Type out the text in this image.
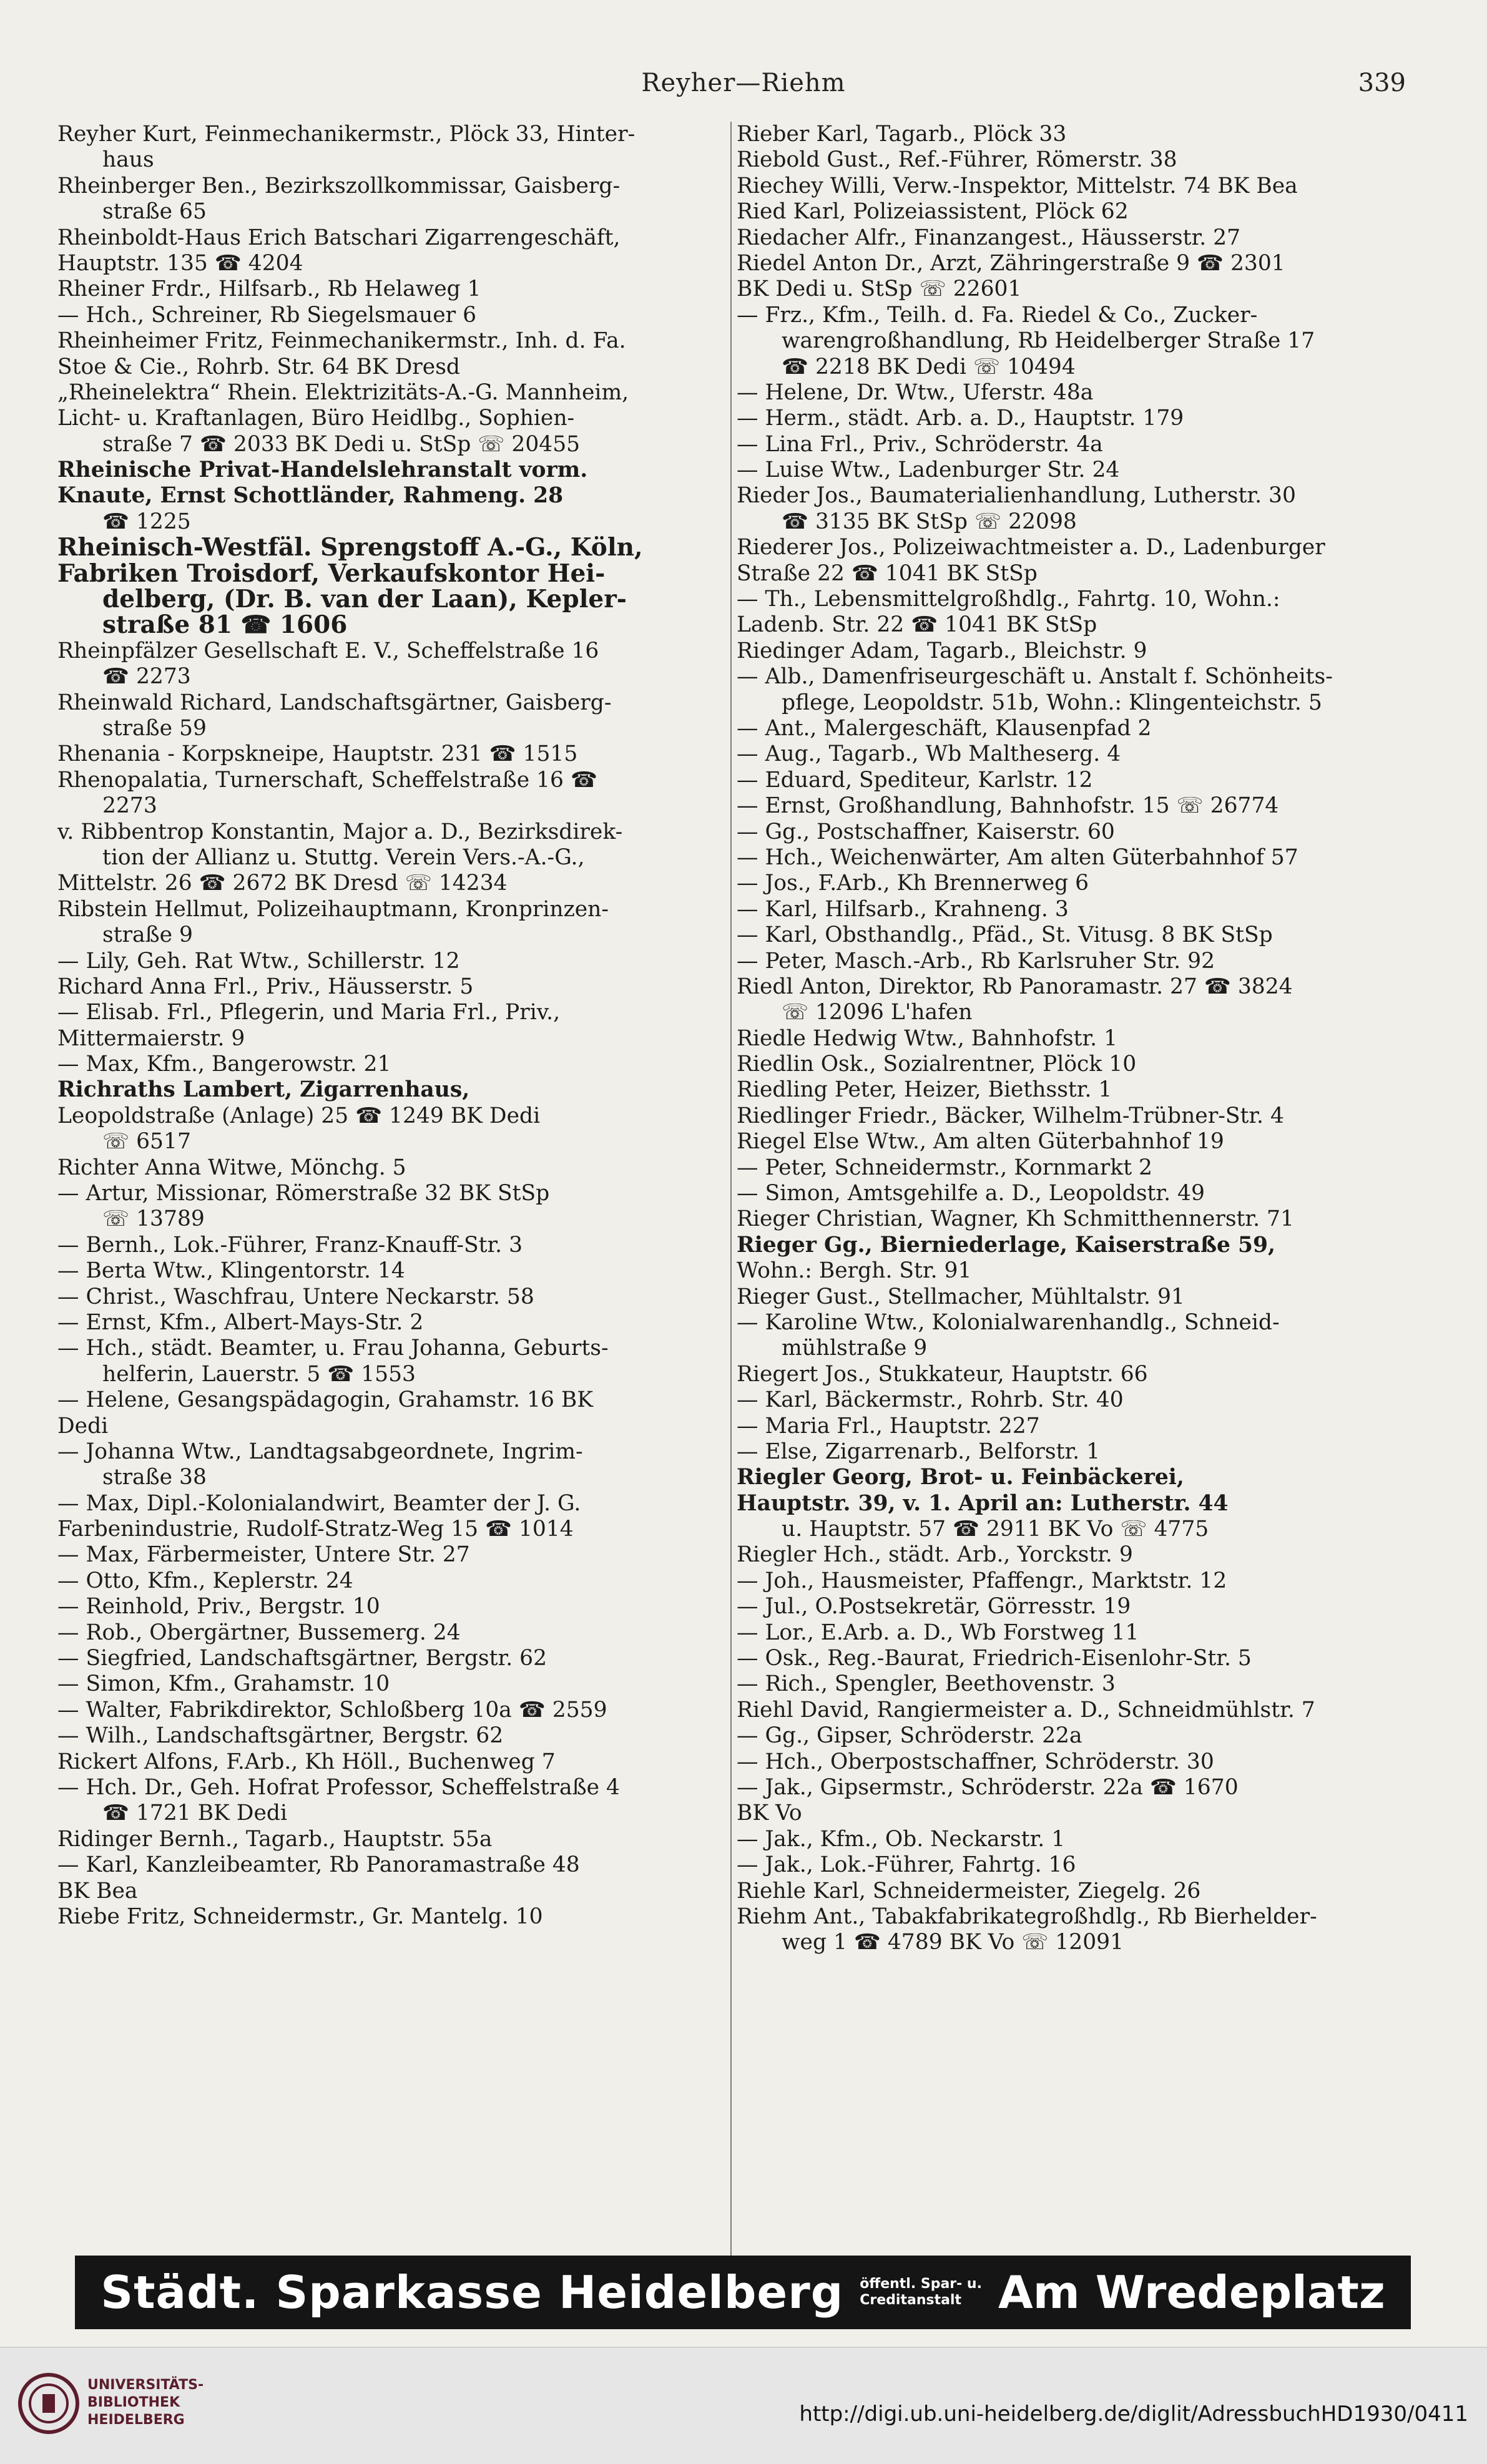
Reyher—Riehm	339
Reyher Kurt, Feinmechanikermstr., Plöck 33, Hinter-
haus
Rheinberger Ben., Bezirkszollkommissar, Gaisberg-
straße 65
Rheinboldt-Haus Erich Batschari Zigarrengeschäft,
Hauptstr. 135 ☎ 4204
Rheiner Frdr., Hilfsarb., Rb Helaweg 1
— Hch., Schreiner, Rb Siegelsmauer 6
Rheinheimer Fritz, Feinmechanikermstr., Inh. d. Fa.
Stoe & Cie., Rohrb. Str. 64 BK Dresd
„Rheinelektra“ Rhein. Elektrizitäts-A.-G. Mannheim,
Licht- u. Kraftanlagen, Büro Heidlbg., Sophien-
straße 7 ☎ 2033 BK Dedi u. StSp ☏ 20455
Rheinische Privat-Handelslehranstalt vorm.
Knaute, Ernst Schottländer, Rahmeng. 28
☎ 1225
Rheinisch-Westfäl. Sprengstoff A.-G., Köln,
Fabriken Troisdorf, Verkaufskontor Hei-
delberg, (Dr. B. van der Laan), Kepler-
straße 81 ☎ 1606
Rheinpfälzer Gesellschaft E. V., Scheffelstraße 16
☎ 2273
Rheinwald Richard, Landschaftsgärtner, Gaisberg-
straße 59
Rhenania - Korpskneipe, Hauptstr. 231 ☎ 1515
Rhenopalatia, Turnerschaft, Scheffelstraße 16 ☎
2273
v. Ribbentrop Konstantin, Major a. D., Bezirksdirek-
tion der Allianz u. Stuttg. Verein Vers.-A.-G.,
Mittelstr. 26 ☎ 2672 BK Dresd ☏ 14234
Ribstein Hellmut, Polizeihauptmann, Kronprinzen-
straße 9
— Lily, Geh. Rat Wtw., Schillerstr. 12
Richard Anna Frl., Priv., Häusserstr. 5
— Elisab. Frl., Pflegerin, und Maria Frl., Priv.,
Mittermaierstr. 9
— Max, Kfm., Bangerowstr. 21
Richraths Lambert, Zigarrenhaus,
Leopoldstraße (Anlage) 25 ☎ 1249 BK Dedi
☏ 6517
Richter Anna Witwe, Mönchg. 5
— Artur, Missionar, Römerstraße 32 BK StSp
☏ 13789
— Bernh., Lok.-Führer, Franz-Knauff-Str. 3
— Berta Wtw., Klingentorstr. 14
— Christ., Waschfrau, Untere Neckarstr. 58
— Ernst, Kfm., Albert-Mays-Str. 2
— Hch., städt. Beamter, u. Frau Johanna, Geburts-
helferin, Lauerstr. 5 ☎ 1553
— Helene, Gesangspädagogin, Grahamstr. 16 BK
Dedi
— Johanna Wtw., Landtagsabgeordnete, Ingrim-
straße 38
— Max, Dipl.-Kolonialandwirt, Beamter der J. G.
Farbenindustrie, Rudolf-Stratz-Weg 15 ☎ 1014
— Max, Färbermeister, Untere Str. 27
— Otto, Kfm., Keplerstr. 24
— Reinhold, Priv., Bergstr. 10
— Rob., Obergärtner, Bussemerg. 24
— Siegfried, Landschaftsgärtner, Bergstr. 62
— Simon, Kfm., Grahamstr. 10
— Walter, Fabrikdirektor, Schloßberg 10a ☎ 2559
— Wilh., Landschaftsgärtner, Bergstr. 62
Rickert Alfons, F.Arb., Kh Höll., Buchenweg 7
— Hch. Dr., Geh. Hofrat Professor, Scheffelstraße 4
☎ 1721 BK Dedi
Ridinger Bernh., Tagarb., Hauptstr. 55a
— Karl, Kanzleibeamter, Rb Panoramastraße 48
BK Bea
Riebe Fritz, Schneidermstr., Gr. Mantelg. 10
Rieber Karl, Tagarb., Plöck 33
Riebold Gust., Ref.-Führer, Römerstr. 38
Riechey Willi, Verw.-Inspektor, Mittelstr. 74 BK Bea
Ried Karl, Polizeiassistent, Plöck 62
Riedacher Alfr., Finanzangest., Häusserstr. 27
Riedel Anton Dr., Arzt, Zähringerstraße 9 ☎ 2301
BK Dedi u. StSp ☏ 22601
— Frz., Kfm., Teilh. d. Fa. Riedel & Co., Zucker-
warengroßhandlung, Rb Heidelberger Straße 17
☎ 2218 BK Dedi ☏ 10494
— Helene, Dr. Wtw., Uferstr. 48a
— Herm., städt. Arb. a. D., Hauptstr. 179
— Lina Frl., Priv., Schröderstr. 4a
— Luise Wtw., Ladenburger Str. 24
Rieder Jos., Baumaterialienhandlung, Lutherstr. 30
☎ 3135 BK StSp ☏ 22098
Riederer Jos., Polizeiwachtmeister a. D., Ladenburger
Straße 22 ☎ 1041 BK StSp
— Th., Lebensmittelgroßhdlg., Fahrtg. 10, Wohn.:
Ladenb. Str. 22 ☎ 1041 BK StSp
Riedinger Adam, Tagarb., Bleichstr. 9
— Alb., Damenfriseurgeschäft u. Anstalt f. Schönheits-
pflege, Leopoldstr. 51b, Wohn.: Klingenteichstr. 5
— Ant., Malergeschäft, Klausenpfad 2
— Aug., Tagarb., Wb Maltheserg. 4
— Eduard, Spediteur, Karlstr. 12
— Ernst, Großhandlung, Bahnhofstr. 15 ☏ 26774
— Gg., Postschaffner, Kaiserstr. 60
— Hch., Weichenwärter, Am alten Güterbahnhof 57
— Jos., F.Arb., Kh Brennerweg 6
— Karl, Hilfsarb., Krahneng. 3
— Karl, Obsthandlg., Pfäd., St. Vitusg. 8 BK StSp
— Peter, Masch.-Arb., Rb Karlsruher Str. 92
Riedl Anton, Direktor, Rb Panoramastr. 27 ☎ 3824
☏ 12096 L'hafen
Riedle Hedwig Wtw., Bahnhofstr. 1
Riedlin Osk., Sozialrentner, Plöck 10
Riedling Peter, Heizer, Biethsstr. 1
Riedlinger Friedr., Bäcker, Wilhelm-Trübner-Str. 4
Riegel Else Wtw., Am alten Güterbahnhof 19
— Peter, Schneidermstr., Kornmarkt 2
— Simon, Amtsgehilfe a. D., Leopoldstr. 49
Rieger Christian, Wagner, Kh Schmitthennerstr. 71
Rieger Gg., Bierniederlage, Kaiserstraße 59,
Wohn.: Bergh. Str. 91
Rieger Gust., Stellmacher, Mühltalstr. 91
— Karoline Wtw., Kolonialwarenhandlg., Schneid-
mühlstraße 9
Riegert Jos., Stukkateur, Hauptstr. 66
— Karl, Bäckermstr., Rohrb. Str. 40
— Maria Frl., Hauptstr. 227
— Else, Zigarrenarb., Belforstr. 1
Riegler Georg, Brot- u. Feinbäckerei,
Hauptstr. 39, v. 1. April an: Lutherstr. 44
u. Hauptstr. 57 ☎ 2911 BK Vo ☏ 4775
Riegler Hch., städt. Arb., Yorckstr. 9
— Joh., Hausmeister, Pfaffengr., Marktstr. 12
— Jul., O.Postsekretär, Görresstr. 19
— Lor., E.Arb. a. D., Wb Forstweg 11
— Osk., Reg.-Baurat, Friedrich-Eisenlohr-Str. 5
— Rich., Spengler, Beethovenstr. 3
Riehl David, Rangiermeister a. D., Schneidmühlstr. 7
— Gg., Gipser, Schröderstr. 22a
— Hch., Oberpostschaffner, Schröderstr. 30
— Jak., Gipsermstr., Schröderstr. 22a ☎ 1670
BK Vo
— Jak., Kfm., Ob. Neckarstr. 1
— Jak., Lok.-Führer, Fahrtg. 16
Riehle Karl, Schneidermeister, Ziegelg. 26
Riehm Ant., Tabakfabrikategroßhdlg., Rb Bierhelder-
weg 1 ☎ 4789 BK Vo ☏ 12091
Städt. Sparkasse Heidelberg öffentl. Spar- u.
Creditanstalt Am Wredeplatz
UNIVERSITÄTS-
BIBLIOTHEK
HEIDELBERG	http://digi.ub.uni-heidelberg.de/diglit/AdressbuchHD1930/0411
